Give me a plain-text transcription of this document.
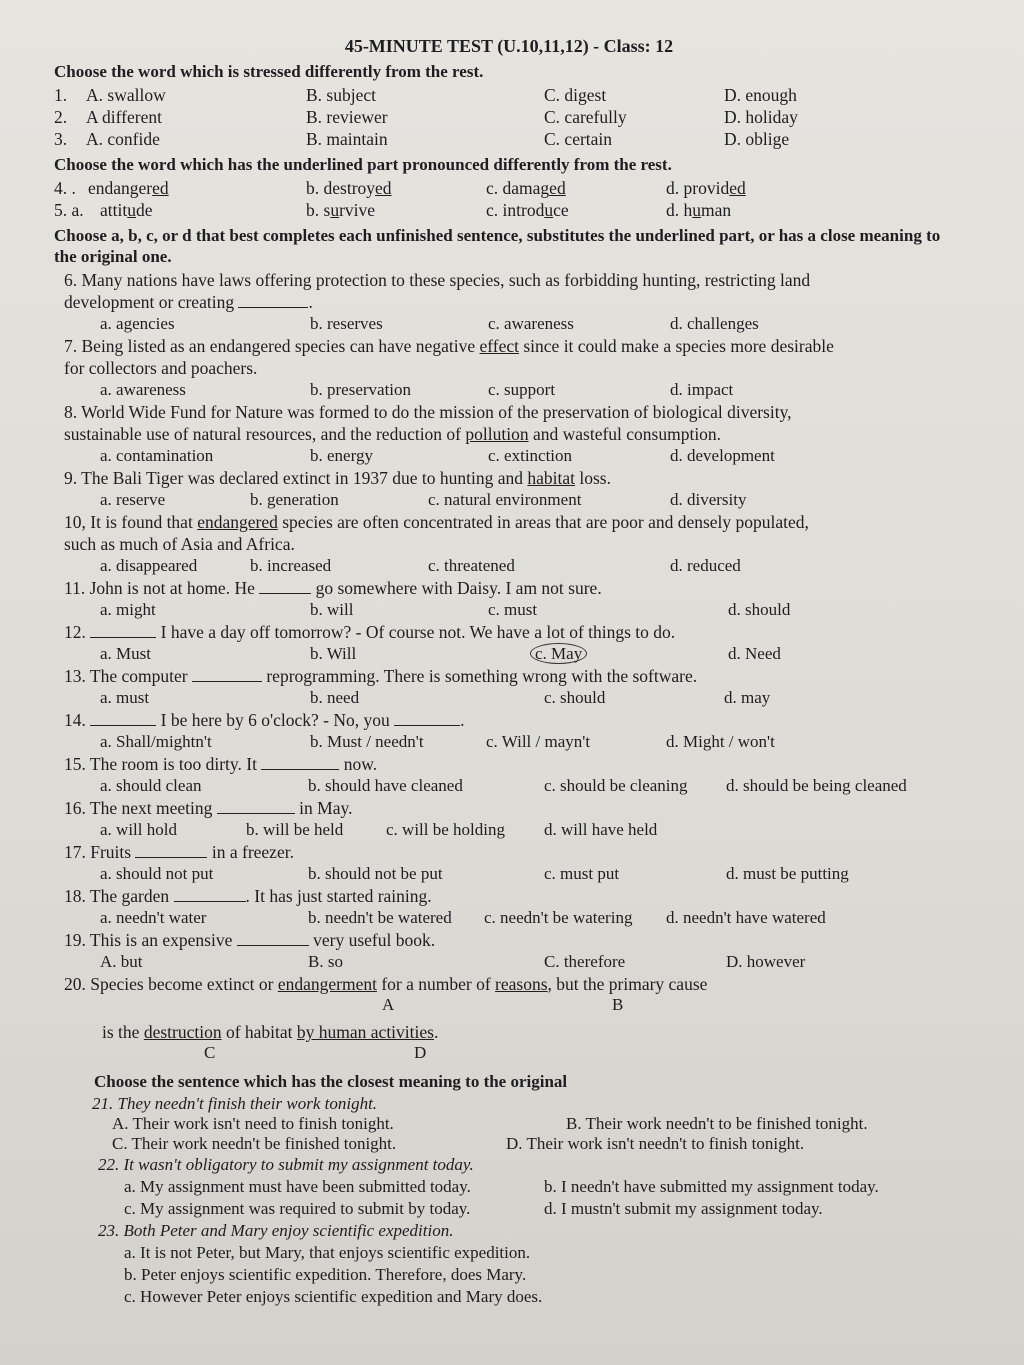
45-MINUTE TEST (U.10,11,12) - Class: 12
Choose the word which is stressed differently from the rest.
1.	A. swallow	B. subject	C. digest	D. enough
2.	A different	B. reviewer	C. carefully	D. holiday
3.	A. confide	B. maintain	C. certain	D. oblige
Choose the word which has the underlined part pronounced differently from the rest.
4. . endangered	b. destroyed	c. damaged	d. provided
5. a. attitude	b. survive	c. introduce	d. human
Choose a, b, c, or d that best completes each unfinished sentence, substitutes the underlined part, or has a close meaning to the original one.
6. Many nations have laws offering protection to these species, such as forbidding hunting, restricting land
development or creating	.
a. agencies	b. reserves	c. awareness	d. challenges
7. Being listed as an endangered species can have negative effect since it could make a species more desirable
for collectors and poachers.
a. awareness	b. preservation	c. support	d. impact
8. World Wide Fund for Nature was formed to do the mission of the preservation of biological diversity,
sustainable use of natural resources, and the reduction of pollution and wasteful consumption.
a. contamination	b. energy	c. extinction	d. development
9. The Bali Tiger was declared extinct in 1937 due to hunting and habitat loss.
a. reserve	b. generation	c. natural environment	d. diversity
10, It is found that endangered species are often concentrated in areas that are poor and densely populated,
such as much of Asia and Africa.
a. disappeared	b. increased	c. threatened	d. reduced
11. John is not at home. He	go somewhere with Daisy. I am not sure.
a. might	b. will	c. must	d. should
12.	I have a day off tomorrow? - Of course not. We have a lot of things to do.
a. Must	b. Will	c. May	d. Need
13. The computer	reprogramming. There is something wrong with the software.
a. must	b. need	c. should	d. may
14.	I be here by 6 o'clock? - No, you	.
a. Shall/mightn't	b. Must / needn't	c. Will / mayn't	d. Might / won't
15. The room is too dirty. It	now.
a. should clean	b. should have cleaned	c. should be cleaning	d. should be being cleaned
16. The next meeting	in May.
a. will hold	b. will be held	c. will be holding	d. will have held
17. Fruits	in a freezer.
a. should not put	b. should not be put	c. must put	d. must be putting
18. The garden	. It has just started raining.
a. needn't water	b. needn't be watered	c. needn't be watering	d. needn't have watered
19. This is an expensive	very useful book.
A. but	B. so	C. therefore	D. however
20. Species become extinct or endangerment for a number of reasons, but the primary cause
A	B
is the destruction of habitat by human activities.
C	D
Choose the sentence which has the closest meaning to the original
21. They needn't finish their work tonight.
A. Their work isn't need to finish tonight.	B. Their work needn't to be finished tonight.
C. Their work needn't be finished tonight.	D. Their work isn't needn't to finish tonight.
22. It wasn't obligatory to submit my assignment today.
a. My assignment must have been submitted today.	b. I needn't have submitted my assignment today.
c. My assignment was required to submit by today.	d. I mustn't submit my assignment today.
23. Both Peter and Mary enjoy scientific expedition.
a. It is not Peter, but Mary, that enjoys scientific expedition.
b. Peter enjoys scientific expedition. Therefore, does Mary.
c. However Peter enjoys scientific expedition and Mary does.
